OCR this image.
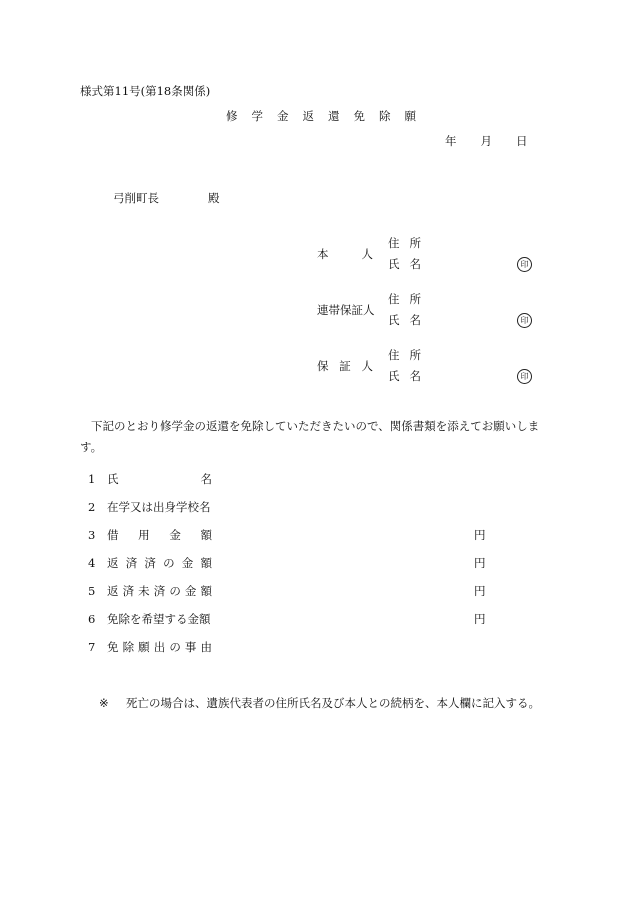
様式第11号(第18条関係)
修 学 金 返 還 免 除 願
年 月 日
弓削町長	殿
本	人
住 所
氏 名	印
連帯保証人
住 所
氏 名	印
保 証 人
住 所
氏 名	印
下記のとおり修学金の返還を免除していただきたいので、関係書類を添えてお願いします。
1 氏	名
2 在学又は出身学校名
3 借 用 金 額	円
4 返 済 済 の 金 額	円
5 返 済 未 済 の 金 額	円
6 免除を希望する金額	円
7 免 除 願 出 の 事 由
※ 死亡の場合は、遺族代表者の住所氏名及び本人との続柄を、本人欄に記入する。
